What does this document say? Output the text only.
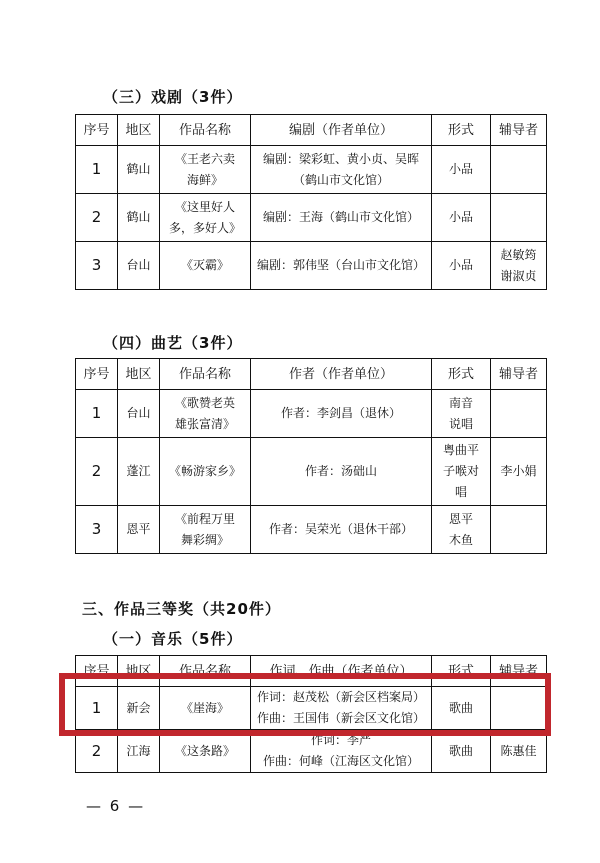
（三）戏剧（3件）
序号	地区	作品名称	编剧（作者单位）	形式	辅导者
1	鹤山	《王老六卖
海鲜》	编剧：梁彩虹、黄小贞、吴晖
（鹤山市文化馆）	小品	

2	鹤山	《这里好人
多，多好人》	编剧：王海（鹤山市文化馆）	小品	

3	台山	《灭霸》	编剧：郭伟坚（台山市文化馆）	小品	赵敏筠
谢淑贞
（四）曲艺（3件）
序号	地区	作品名称	作者（作者单位）	形式	辅导者
1	台山	《歌赞老英
雄张富清》	作者：李剑昌（退休）	南音
说唱	

2	蓬江	《畅游家乡》	作者：汤础山	粤曲平
子喉对
唱	李小娟

3	恩平	《前程万里
舞彩绸》	作者：吴荣光（退休干部）	恩平
木鱼	

三、作品三等奖（共20件）
（一）音乐（5件）
序号	地区	作品名称	作词、作曲（作者单位）	形式	辅导者
1	新会	《崖海》	作词：赵茂松（新会区档案局）
作曲：王国伟（新会区文化馆）	歌曲	

2	江海	《这条路》	作词：李严
作曲：何峰（江海区文化馆）	歌曲	陈惠佳
— 6 —
